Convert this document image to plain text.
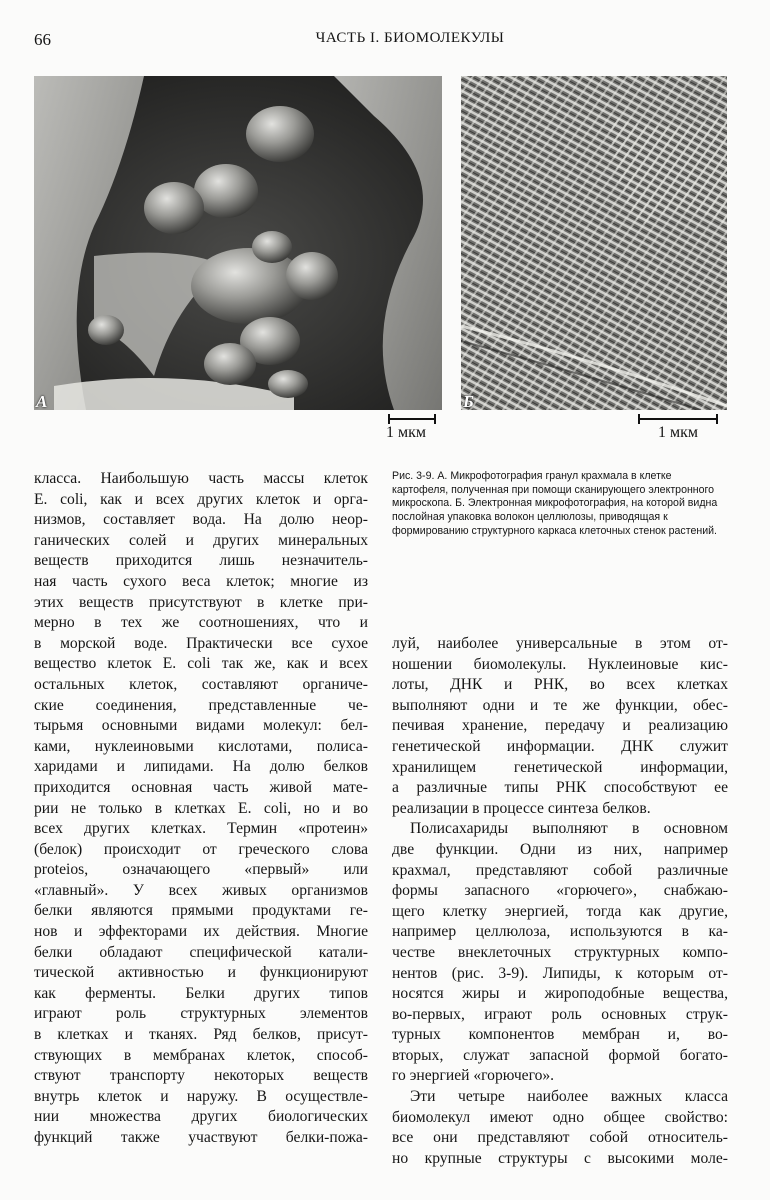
66	ЧАСТЬ I. БИОМОЛЕКУЛЫ
А	Б
1 мкм	1 мкм
Рис. 3-9. А. Микрофотография гранул крахмала в клетке картофеля, полученная при помощи сканирующего электронного микроскопа. Б. Электронная микрофотография, на которой видна послойная упаковка волокон целлюлозы, приводящая к формированию структурного каркаса клеточных стенок растений.
класса. Наибольшую часть массы клеток
E. coli, как и всех других клеток и орга-
низмов, составляет вода. На долю неор-
ганических солей и других минеральных
веществ приходится лишь незначитель-
ная часть сухого веса клеток; многие из
этих веществ присутствуют в клетке при-
мерно в тех же соотношениях, что и
в морской воде. Практически все сухое
вещество клеток E. coli так же, как и всех
остальных клеток, составляют органиче-
ские соединения, представленные че-
тырьмя основными видами молекул: бел-
ками, нуклеиновыми кислотами, полиса-
харидами и липидами. На долю белков
приходится основная часть живой мате-
рии не только в клетках E. coli, но и во
всех других клетках. Термин «протеин»
(белок) происходит от греческого слова
proteios, означающего «первый» или
«главный». У всех живых организмов
белки являются прямыми продуктами ге-
нов и эффекторами их действия. Многие
белки обладают специфической катали-
тической активностью и функционируют
как ферменты. Белки других типов
играют роль структурных элементов
в клетках и тканях. Ряд белков, присут-
ствующих в мембранах клеток, способ-
ствуют транспорту некоторых веществ
внутрь клеток и наружу. В осуществле-
нии множества других биологических
функций также участвуют белки-пожа-
луй, наиболее универсальные в этом от-
ношении биомолекулы. Нуклеиновые кис-
лоты, ДНК и РНК, во всех клетках
выполняют одни и те же функции, обес-
печивая хранение, передачу и реализацию
генетической информации. ДНК служит
хранилищем генетической информации,
а различные типы РНК способствуют ее
реализации в процессе синтеза белков.
Полисахариды выполняют в основном
две функции. Одни из них, например
крахмал, представляют собой различные
формы запасного «горючего», снабжаю-
щего клетку энергией, тогда как другие,
например целлюлоза, используются в ка-
честве внеклеточных структурных компо-
нентов (рис. 3-9). Липиды, к которым от-
носятся жиры и жироподобные вещества,
во-первых, играют роль основных струк-
турных компонентов мембран и, во-
вторых, служат запасной формой богато-
го энергией «горючего».
Эти четыре наиболее важных класса
биомолекул имеют одно общее свойство:
все они представляют собой относитель-
но крупные структуры с высокими моле-
